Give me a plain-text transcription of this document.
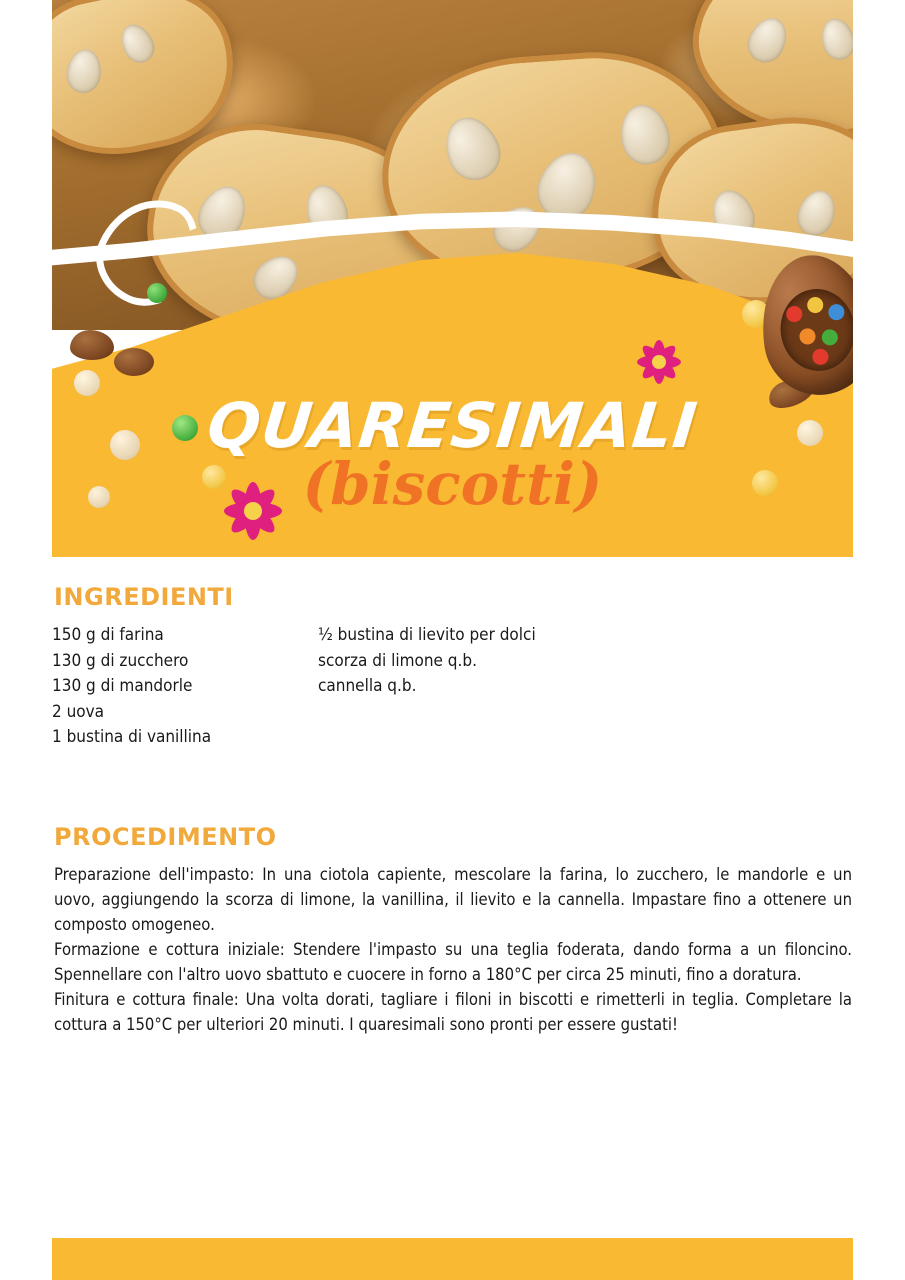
QUARESIMALI
(biscotti)
INGREDIENTI
150 g di farina
130 g di zucchero
130 g di mandorle
2 uova
1 bustina di vanillina
½ bustina di lievito per dolci
scorza di limone q.b.
cannella q.b.
PROCEDIMENTO

Preparazione dell'impasto: In una ciotola capiente, mescolare la farina, lo zucchero, le mandorle e un uovo, aggiungendo la scorza di limone, la vanillina, il lievito e la cannella. Impastare fino a ottenere un composto omogeneo.

Formazione e cottura iniziale: Stendere l'impasto su una teglia foderata, dando forma a un filoncino. Spennellare con l'altro uovo sbattuto e cuocere in forno a 180°C per circa 25 minuti, fino a doratura.

Finitura e cottura finale: Una volta dorati, tagliare i filoni in biscotti e rimetterli in teglia. Completare la cottura a 150°C per ulteriori 20 minuti. I quaresimali sono pronti per essere gustati!
